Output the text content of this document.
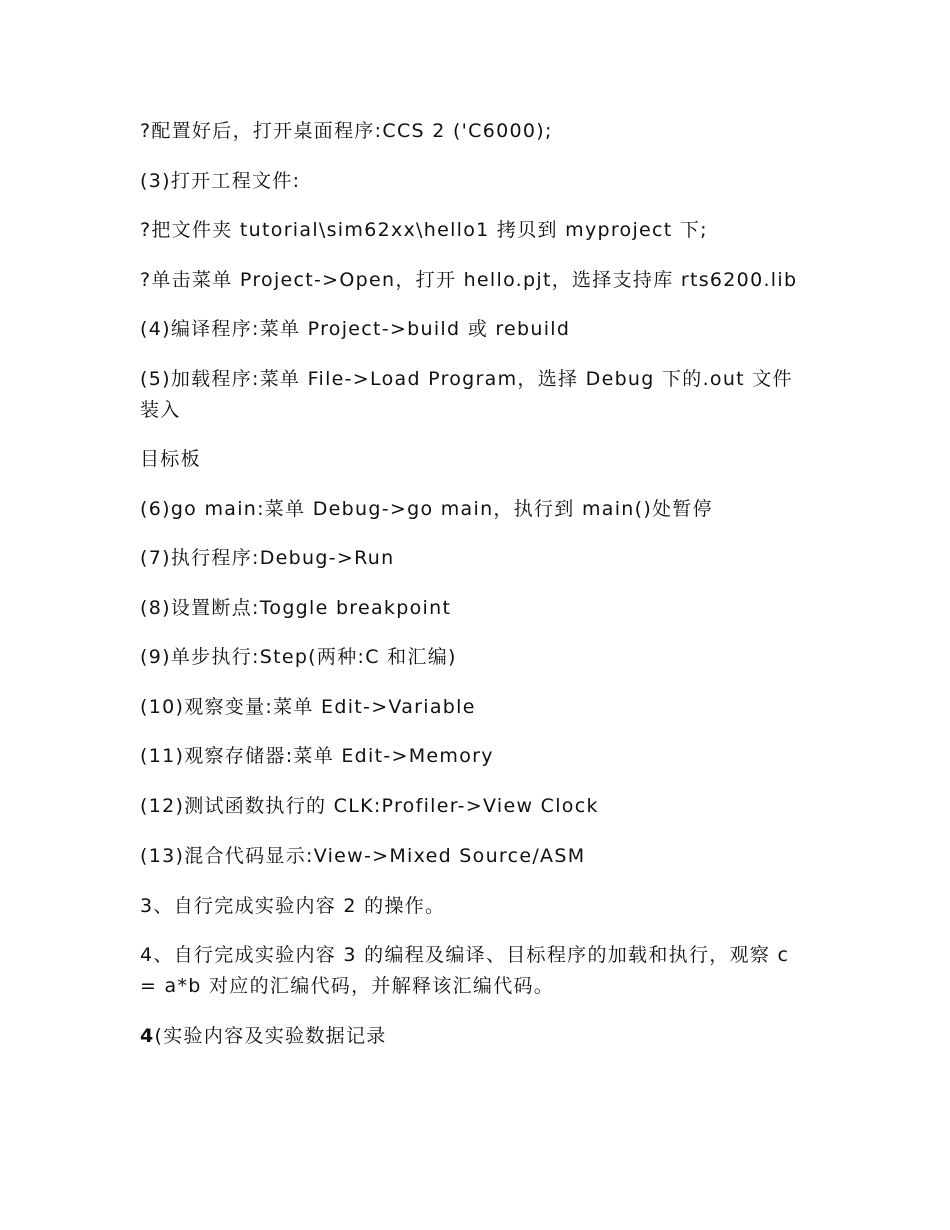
?配置好后，打开桌面程序:CCS 2 ('C6000);
(3)打开工程文件:
?把文件夹 tutorial\sim62xx\hello1 拷贝到 myproject 下;
?单击菜单 Project->Open，打开 hello.pjt，选择支持库 rts6200.lib
(4)编译程序:菜单 Project->build 或 rebuild
(5)加载程序:菜单 File->Load Program，选择 Debug 下的.out 文件装入
目标板
(6)go main:菜单 Debug->go main，执行到 main()处暂停
(7)执行程序:Debug->Run
(8)设置断点:Toggle breakpoint
(9)单步执行:Step(两种:C 和汇编)
(10)观察变量:菜单 Edit->Variable
(11)观察存储器:菜单 Edit->Memory
(12)测试函数执行的 CLK:Profiler->View Clock
(13)混合代码显示:View->Mixed Source/ASM
3、自行完成实验内容 2 的操作。
4、自行完成实验内容 3 的编程及编译、目标程序的加载和执行，观察 c = a*b 对应的汇编代码，并解释该汇编代码。
4(实验内容及实验数据记录
